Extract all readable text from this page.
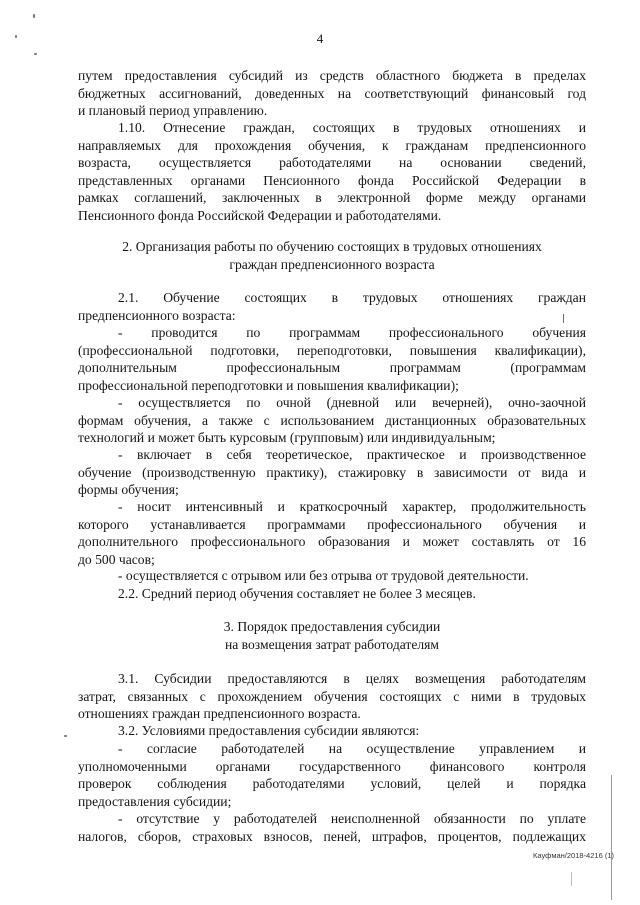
4

путем предоставления субсидий из средств областного бюджета в пределах
бюджетных ассигнований, доведенных на соответствующий финансовый год
и плановый период управлению.

1.10. Отнесение граждан, состоящих в трудовых отношениях и
направляемых для прохождения обучения, к гражданам предпенсионного
возраста, осуществляется работодателями на основании сведений,
представленных органами Пенсионного фонда Российской Федерации в
рамках соглашений, заключенных в электронной форме между органами
Пенсионного фонда Российской Федерации и работодателями.

2. Организация работы по обучению состоящих в трудовых отношениях
граждан предпенсионного возраста

2.1. Обучение состоящих в трудовых отношениях граждан
предпенсионного возраста:

- проводится по программам профессионального обучения
(профессиональной подготовки, переподготовки, повышения квалификации),
дополнительным профессиональным программам (программам
профессиональной переподготовки и повышения квалификации);

- осуществляется по очной (дневной или вечерней), очно-заочной
формам обучения, а также с использованием дистанционных образовательных
технологий и может быть курсовым (групповым) или индивидуальным;

- включает в себя теоретическое, практическое и производственное
обучение (производственную практику), стажировку в зависимости от вида и
формы обучения;

- носит интенсивный и краткосрочный характер, продолжительность
которого устанавливается программами профессионального обучения и
дополнительного профессионального образования и может составлять от 16
до 500 часов;

- осуществляется с отрывом или без отрыва от трудовой деятельности.

2.2. Средний период обучения составляет не более 3 месяцев.

3. Порядок предоставления субсидии
на возмещения затрат работодателям

3.1. Субсидии предоставляются в целях возмещения работодателям
затрат, связанных с прохождением обучения состоящих с ними в трудовых
отношениях граждан предпенсионного возраста.

3.2. Условиями предоставления субсидии являются:

- согласие работодателей на осуществление управлением и
уполномоченными органами государственного финансового контроля
проверок соблюдения работодателями условий, целей и порядка
предоставления субсидии;

- отсутствие у работодателей неисполненной обязанности по уплате
налогов, сборов, страховых взносов, пеней, штрафов, процентов, подлежащих

Кауфман/2018-4216 (1)
